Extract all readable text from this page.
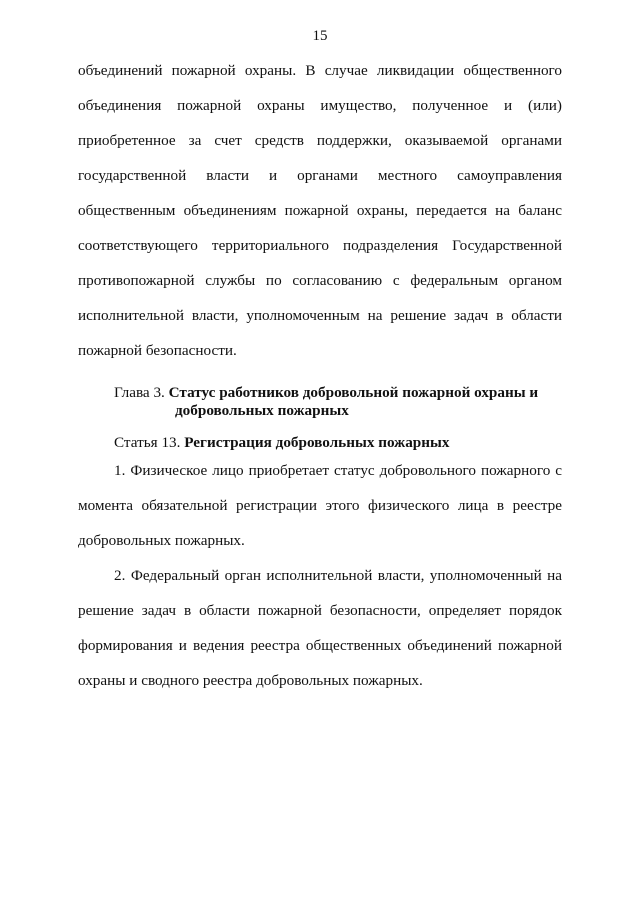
15
объединений пожарной охраны. В случае ликвидации общественного
объединения пожарной охраны имущество, полученное и (или)
приобретенное за счет средств поддержки, оказываемой органами
государственной власти и органами местного самоуправления
общественным объединениям пожарной охраны, передается на баланс
соответствующего территориального подразделения Государственной
противопожарной службы по согласованию с федеральным органом
исполнительной власти, уполномоченным на решение задач в области
пожарной безопасности.
Глава 3. Статус работников добровольной пожарной охраны и
добровольных пожарных
Статья 13. Регистрация добровольных пожарных
1. Физическое лицо приобретает статус добровольного пожарного с
момента обязательной регистрации этого физического лица в реестре
добровольных пожарных.
2. Федеральный орган исполнительной власти, уполномоченный на
решение задач в области пожарной безопасности, определяет порядок
формирования и ведения реестра общественных объединений пожарной
охраны и сводного реестра добровольных пожарных.
